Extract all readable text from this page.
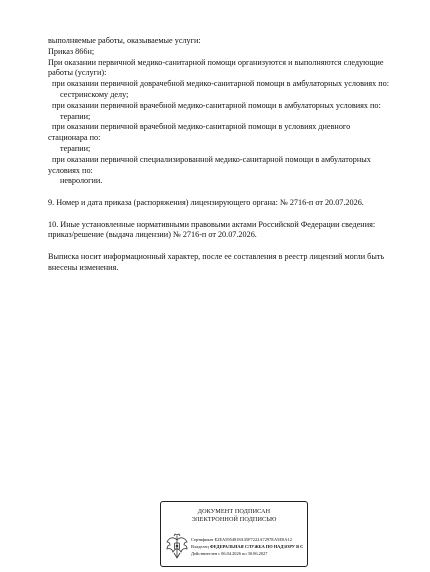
выполняемые работы, оказываемые услуги:
Приказ 866н;
При оказании первичной медико-санитарной помощи организуются и выполняются следующие
работы (услуги):
при оказании первичной доврачебной медико-санитарной помощи в амбулаторных условиях по:
сестринскому делу;
при оказании первичной врачебной медико-санитарной помощи в амбулаторных условиях по:
терапии;
при оказании первичной врачебной медико-санитарной помощи в условиях дневного
стационара по:
терапии;
при оказании первичной специализированной медико-санитарной помощи в амбулаторных
условиях по:
неврологии.
9. Номер и дата приказа (распоряжения) лицензирующего органа: № 2716-п от 20.07.2026.
10. Иные установленные нормативными правовыми актами Российской Федерации сведения:
приказ/решение (выдача лицензии) № 2716-п от 20.07.2026.
Выписка носит информационный характер, после ее составления в реестр лицензий могли быть
внесены изменения.
ДОКУМЕНТ ПОДПИСАН
ЭЛЕКТРОННОЙ ПОДПИСЬЮ
Сертификат E2EA5954818A35F7222A7297EA5E0A12
Владелец ФЕДЕРАЛЬНАЯ СЛУЖБА ПО НАДЗОРУ В С
Действителен с 06.04.2026 по 30.06.2027
